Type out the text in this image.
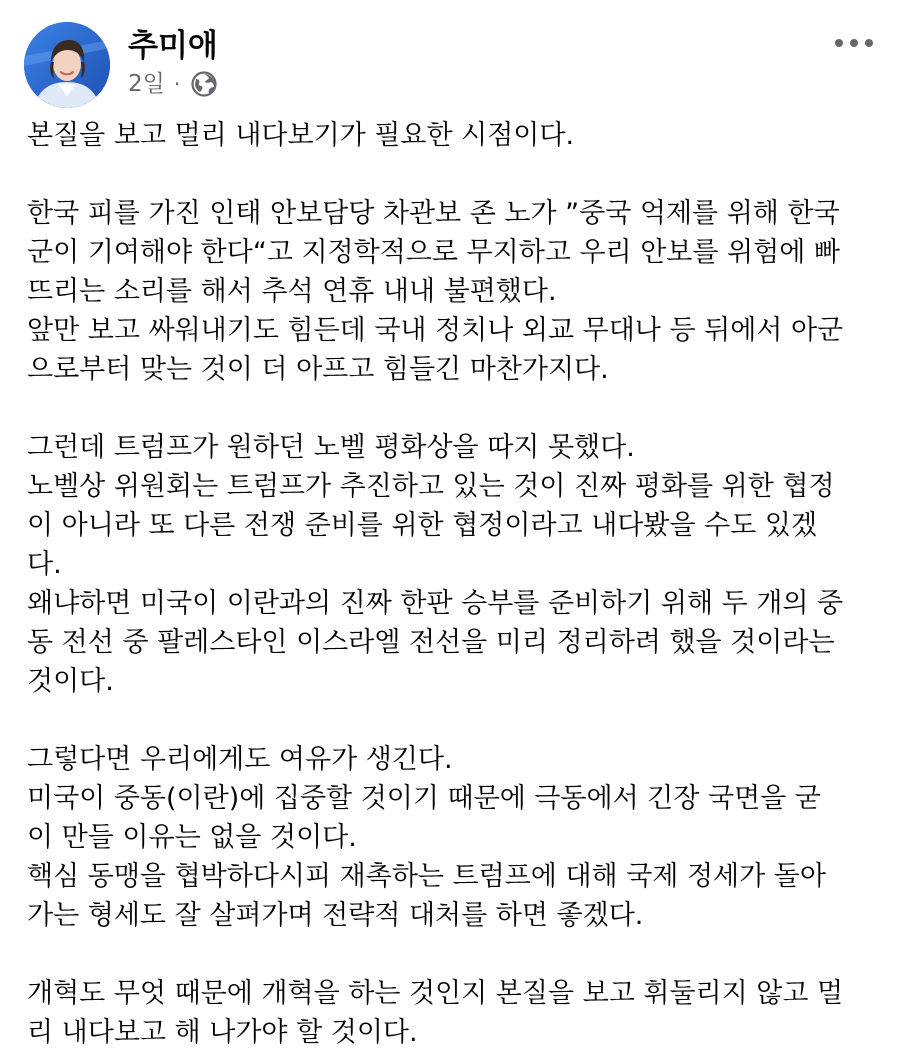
추미애
2일 ·
본질을 보고 멀리 내다보기가 필요한 시점이다.
한국 피를 가진 인태 안보담당 차관보 존 노가 ”중국 억제를 위해 한국
군이 기여해야 한다“고 지정학적으로 무지하고 우리 안보를 위험에 빠
뜨리는 소리를 해서 추석 연휴 내내 불편했다.
앞만 보고 싸워내기도 힘든데 국내 정치나 외교 무대나 등 뒤에서 아군
으로부터 맞는 것이 더 아프고 힘들긴 마찬가지다.
그런데 트럼프가 원하던 노벨 평화상을 따지 못했다.
노벨상 위원회는 트럼프가 추진하고 있는 것이 진짜 평화를 위한 협정
이 아니라 또 다른 전쟁 준비를 위한 협정이라고 내다봤을 수도 있겠
다.
왜냐하면 미국이 이란과의 진짜 한판 승부를 준비하기 위해 두 개의 중
동 전선 중 팔레스타인 이스라엘 전선을 미리 정리하려 했을 것이라는
것이다.
그렇다면 우리에게도 여유가 생긴다.
미국이 중동(이란)에 집중할 것이기 때문에 극동에서 긴장 국면을 굳
이 만들 이유는 없을 것이다.
핵심 동맹을 협박하다시피 재촉하는 트럼프에 대해 국제 정세가 돌아
가는 형세도 잘 살펴가며 전략적 대처를 하면 좋겠다.
개혁도 무엇 때문에 개혁을 하는 것인지 본질을 보고 휘둘리지 않고 멀
리 내다보고 해 나가야 할 것이다.
